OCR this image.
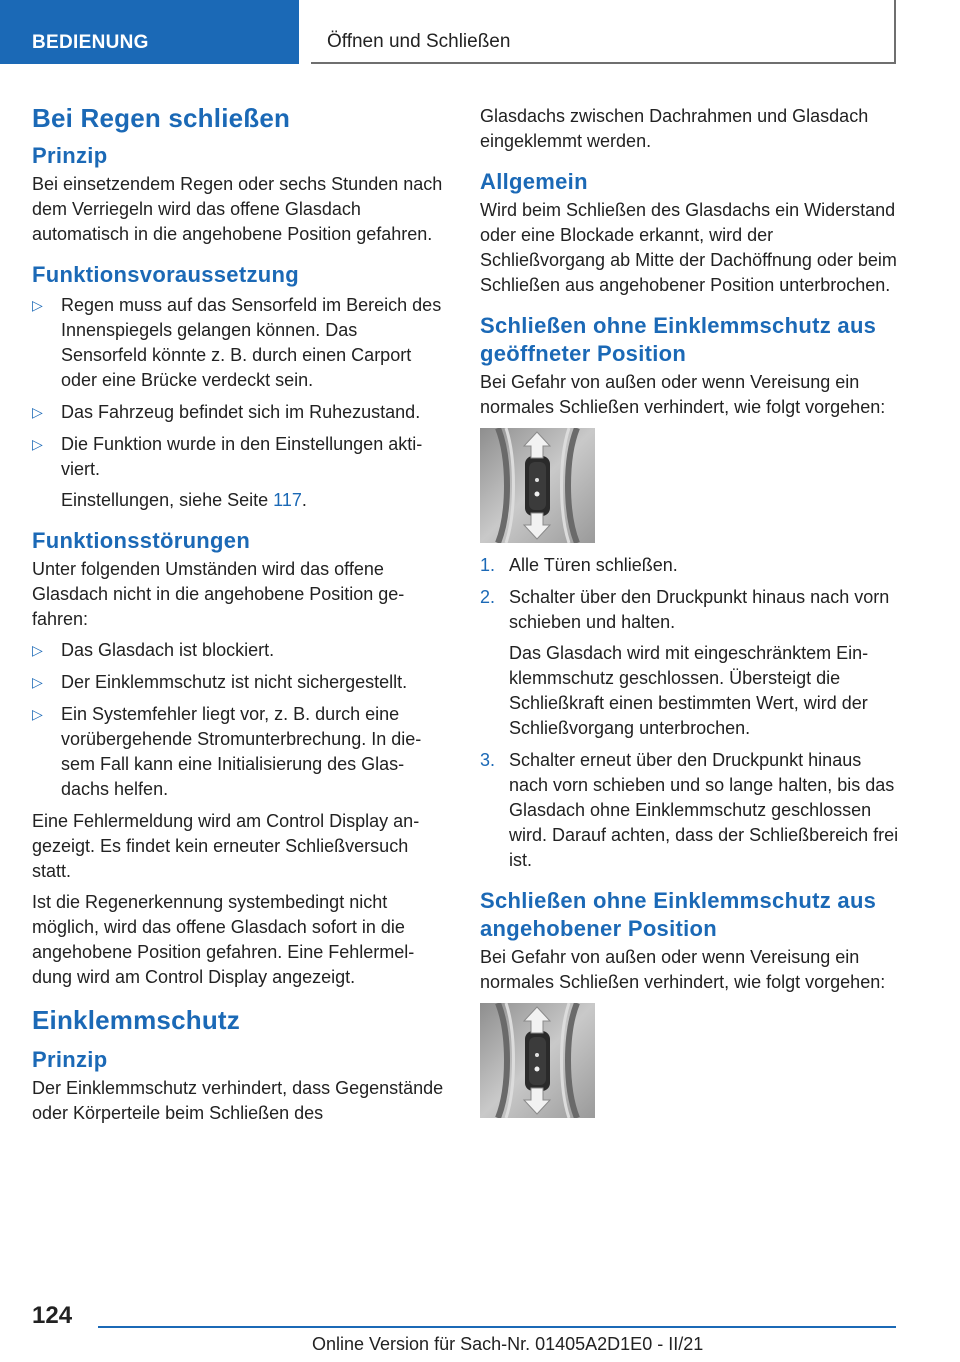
BEDIENUNG	Öffnen und Schließen
Bei Regen schließen
Prinzip

Bei einsetzendem Regen oder sechs Stunden nach dem Verriegeln wird das offene Glasdach automatisch in die angehobene Position gefahren.

Funktionsvoraussetzung
▷ Regen muss auf das Sensorfeld im Bereich des Innenspiegels gelangen können. Das Sensorfeld könnte z. B. durch einen Carport oder eine Brücke verdeckt sein.
▷ Das Fahrzeug befindet sich im Ruhezustand.
▷ Die Funktion wurde in den Einstellungen aktiviert.
Einstellungen, siehe Seite 117.
Funktionsstörungen

Unter folgenden Umständen wird das offene Glasdach nicht in die angehobene Position gefahren:

▷ Das Glasdach ist blockiert.
▷ Der Einklemmschutz ist nicht sichergestellt.
▷ Ein Systemfehler liegt vor, z. B. durch eine vorübergehende Stromunterbrechung. In diesem Fall kann eine Initialisierung des Glasdachs helfen.

Eine Fehlermeldung wird am Control Display angezeigt. Es findet kein erneuter Schließversuch statt.

Ist die Regenerkennung systembedingt nicht möglich, wird das offene Glasdach sofort in die angehobene Position gefahren. Eine Fehlermeldung wird am Control Display angezeigt.

Einklemmschutz
Prinzip

Der Einklemmschutz verhindert, dass Gegenstände oder Körperteile beim Schließen des

Glasdachs zwischen Dachrahmen und Glasdach eingeklemmt werden.

Allgemein

Wird beim Schließen des Glasdachs ein Widerstand oder eine Blockade erkannt, wird der Schließvorgang ab Mitte der Dachöffnung oder beim Schließen aus angehobener Position unterbrochen.

Schließen ohne Einklemmschutz aus geöffneter Position

Bei Gefahr von außen oder wenn Vereisung ein normales Schließen verhindert, wie folgt vorgehen:

1. Alle Türen schließen.
2. Schalter über den Druckpunkt hinaus nach vorn schieben und halten.
Das Glasdach wird mit eingeschränktem Einklemmschutz geschlossen. Übersteigt die Schließkraft einen bestimmten Wert, wird der Schließvorgang unterbrochen.
3. Schalter erneut über den Druckpunkt hinaus nach vorn schieben und so lange halten, bis das Glasdach ohne Einklemmschutz geschlossen wird. Darauf achten, dass der Schließbereich frei ist.
Schließen ohne Einklemmschutz aus angehobener Position

Bei Gefahr von außen oder wenn Vereisung ein normales Schließen verhindert, wie folgt vorgehen:

124
Online Version für Sach-Nr. 01405A2D1E0 - II/21
